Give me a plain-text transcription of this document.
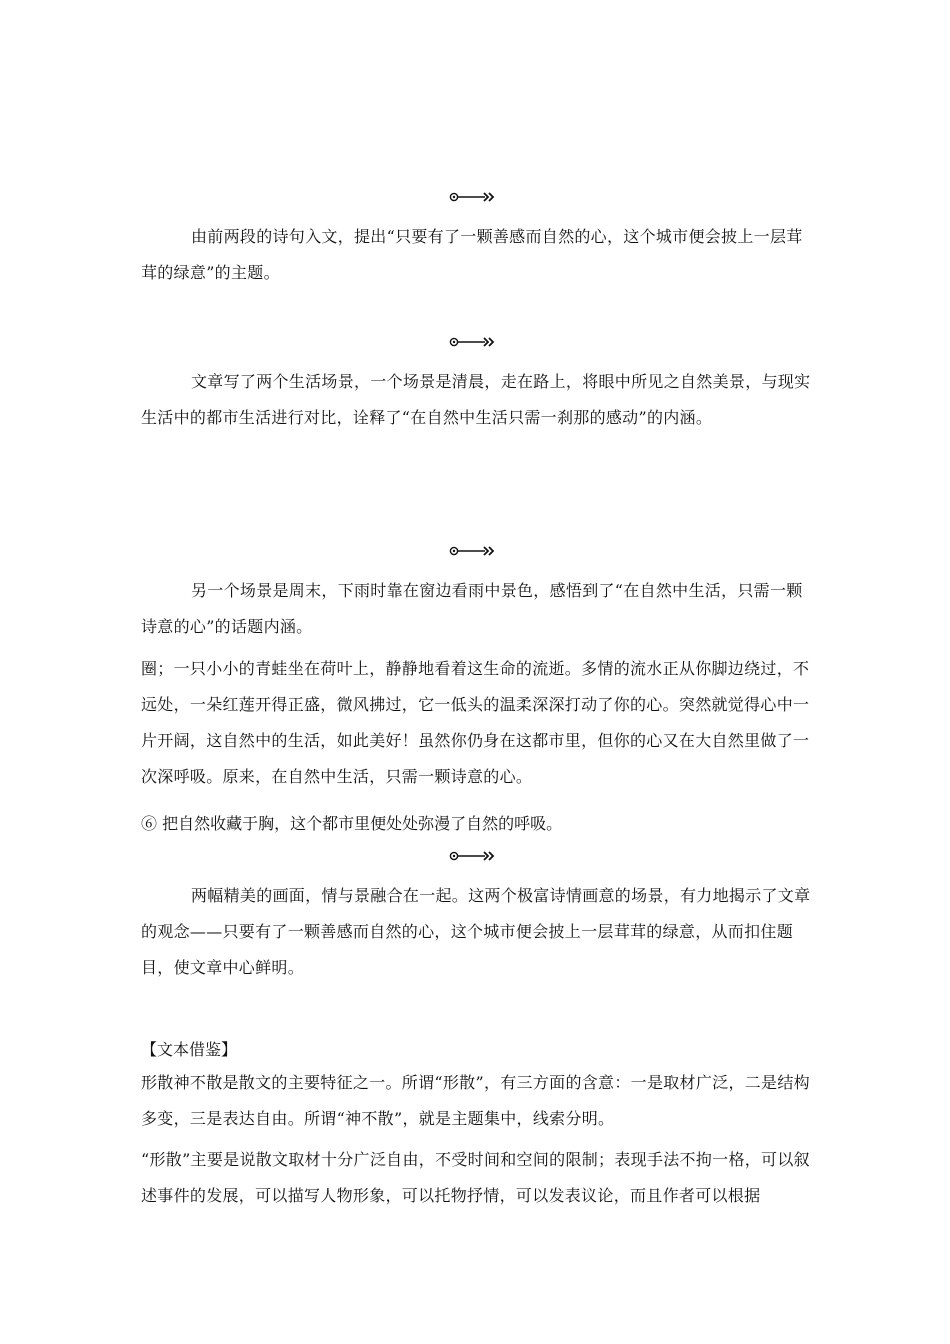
由前两段的诗句入文，提出“只要有了一颗善感而自然的心，这个城市便会披上一层茸茸的绿意”的主题。

文章写了两个生活场景，一个场景是清晨，走在路上，将眼中所见之自然美景，与现实生活中的都市生活进行对比，诠释了“在自然中生活只需一刹那的感动”的内涵。

另一个场景是周末，下雨时靠在窗边看雨中景色，感悟到了“在自然中生活，只需一颗诗意的心”的话题内涵。

圈；一只小小的青蛙坐在荷叶上，静静地看着这生命的流逝。多情的流水正从你脚边绕过，不远处，一朵红莲开得正盛，微风拂过，它一低头的温柔深深打动了你的心。突然就觉得心中一片开阔，这自然中的生活，如此美好！虽然你仍身在这都市里，但你的心又在大自然里做了一次深呼吸。原来，在自然中生活，只需一颗诗意的心。

⑥ 把自然收藏于胸，这个都市里便处处弥漫了自然的呼吸。

两幅精美的画面，情与景融合在一起。这两个极富诗情画意的场景，有力地揭示了文章的观念——只要有了一颗善感而自然的心，这个城市便会披上一层茸茸的绿意，从而扣住题目，使文章中心鲜明。

【文本借鉴】

形散神不散是散文的主要特征之一。所谓“形散”，有三方面的含意：一是取材广泛，二是结构多变，三是表达自由。所谓“神不散”，就是主题集中，线索分明。

“形散”主要是说散文取材十分广泛自由，不受时间和空间的限制；表现手法不拘一格，可以叙述事件的发展，可以描写人物形象，可以托物抒情，可以发表议论，而且作者可以根据
